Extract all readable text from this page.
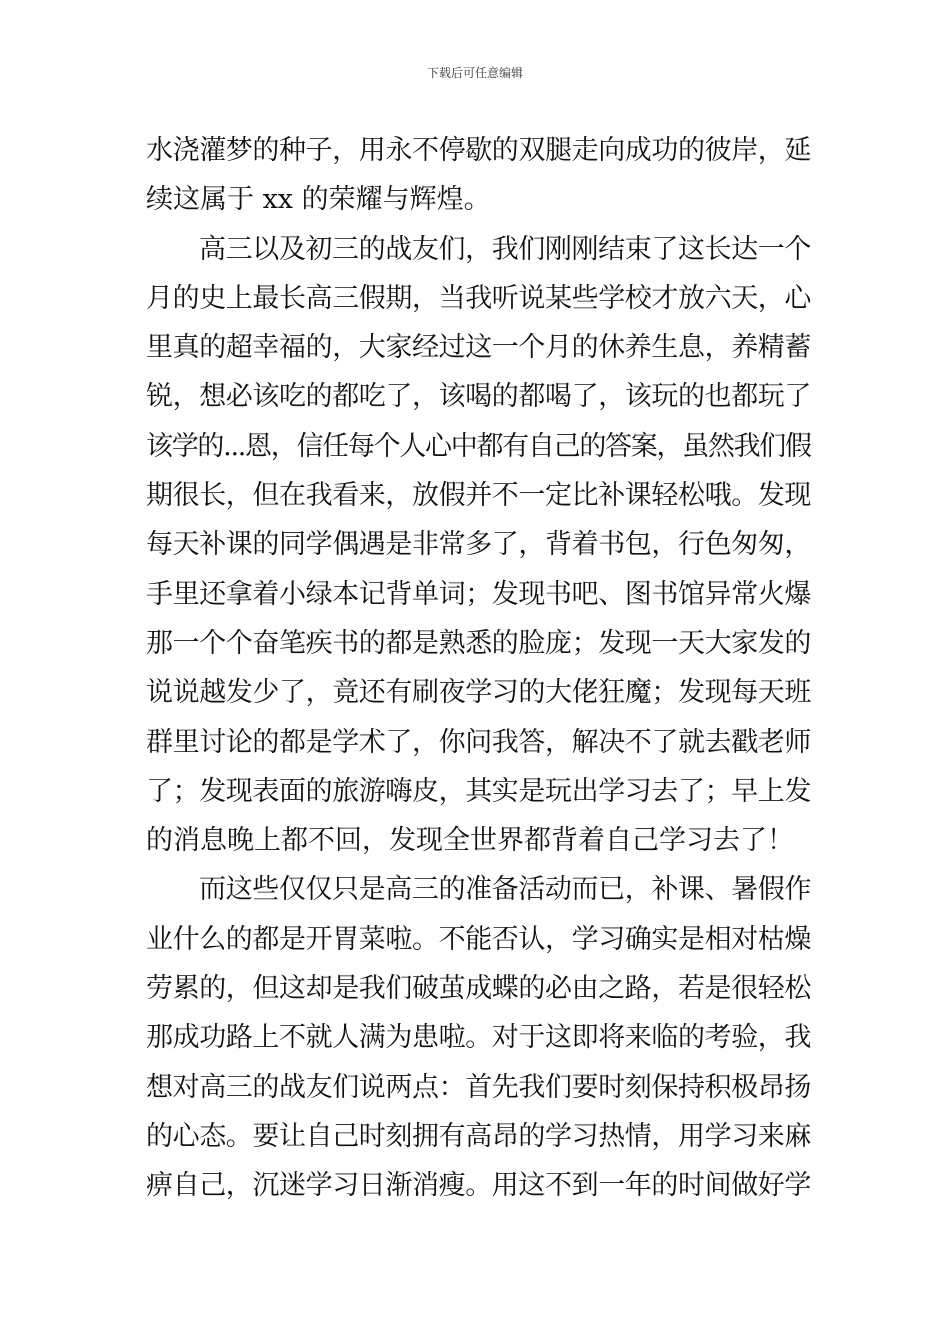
下载后可任意编辑
水浇灌梦的种子，用永不停歇的双腿走向成功的彼岸，延
续这属于 xx 的荣耀与辉煌。
高三以及初三的战友们，我们刚刚结束了这长达一个
月的史上最长高三假期，当我听说某些学校才放六天，心
里真的超幸福的，大家经过这一个月的休养生息，养精蓄
锐，想必该吃的都吃了，该喝的都喝了，该玩的也都玩了
该学的...恩，信任每个人心中都有自己的答案，虽然我们假
期很长，但在我看来，放假并不一定比补课轻松哦。发现
每天补课的同学偶遇是非常多了，背着书包，行色匆匆，
手里还拿着小绿本记背单词；发现书吧、图书馆异常火爆
那一个个奋笔疾书的都是熟悉的脸庞；发现一天大家发的
说说越发少了，竟还有刷夜学习的大佬狂魔；发现每天班
群里讨论的都是学术了，你问我答，解决不了就去戳老师
了；发现表面的旅游嗨皮，其实是玩出学习去了；早上发
的消息晚上都不回，发现全世界都背着自己学习去了！
而这些仅仅只是高三的准备活动而已，补课、暑假作
业什么的都是开胃菜啦。不能否认，学习确实是相对枯燥
劳累的，但这却是我们破茧成蝶的必由之路，若是很轻松
那成功路上不就人满为患啦。对于这即将来临的考验，我
想对高三的战友们说两点：首先我们要时刻保持积极昂扬
的心态。要让自己时刻拥有高昂的学习热情，用学习来麻
痹自己，沉迷学习日渐消瘦。用这不到一年的时间做好学
